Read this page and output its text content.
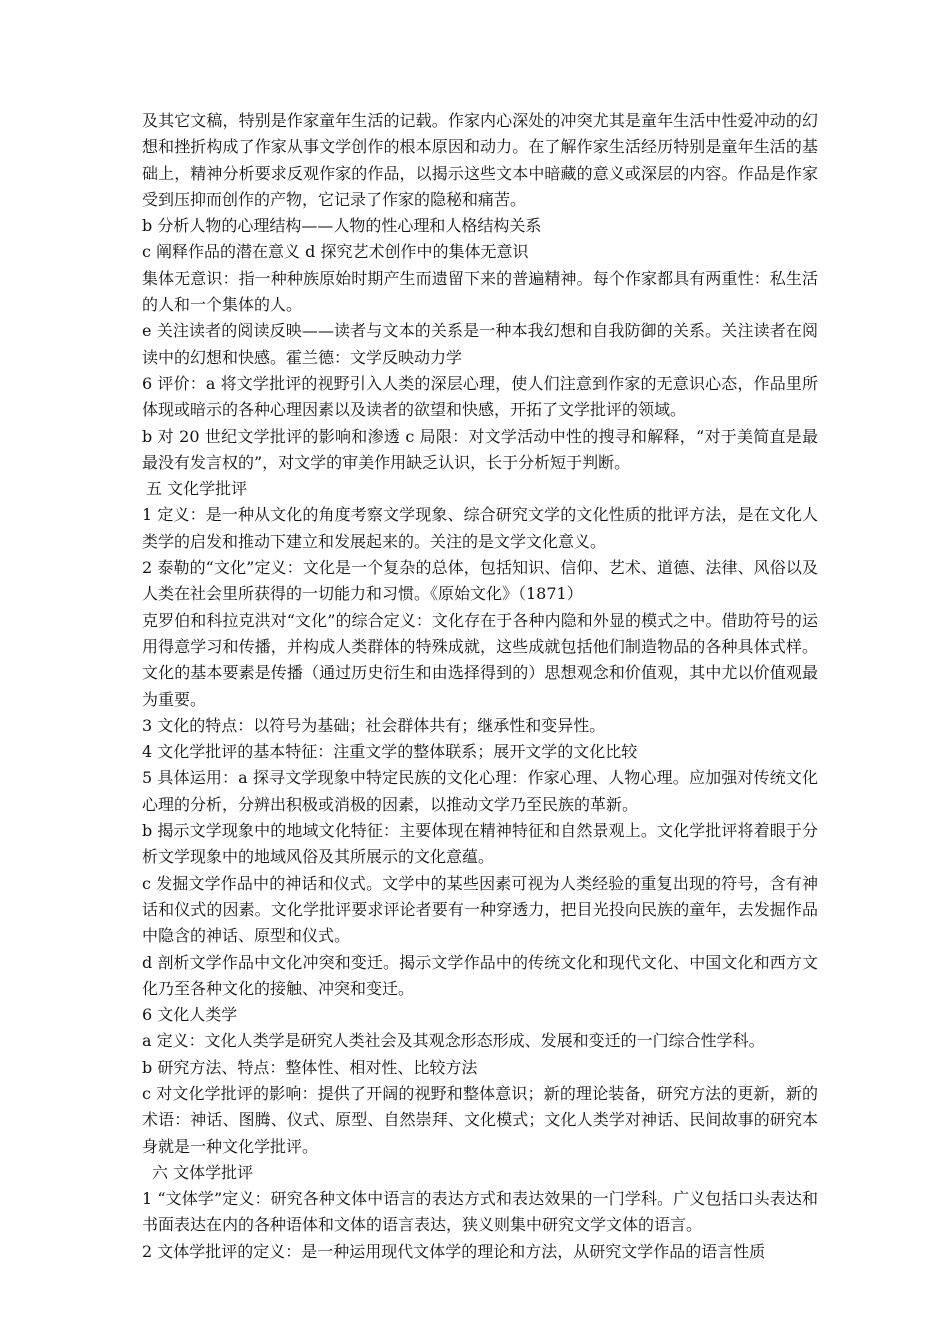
及其它文稿，特别是作家童年生活的记载。作家内心深处的冲突尤其是童年生活中性爱冲动的幻想和挫折构成了作家从事文学创作的根本原因和动力。在了解作家生活经历特别是童年生活的基础上，精神分析要求反观作家的作品，以揭示这些文本中暗藏的意义或深层的内容。作品是作家受到压抑而创作的产物，它记录了作家的隐秘和痛苦。

b 分析人物的心理结构——人物的性心理和人格结构关系

c 阐释作品的潜在意义 d 探究艺术创作中的集体无意识

集体无意识：指一种种族原始时期产生而遗留下来的普遍精神。每个作家都具有两重性：私生活的人和一个集体的人。

e 关注读者的阅读反映——读者与文本的关系是一种本我幻想和自我防御的关系。关注读者在阅读中的幻想和快感。霍兰德：文学反映动力学

6 评价：a 将文学批评的视野引入人类的深层心理，使人们注意到作家的无意识心态，作品里所体现或暗示的各种心理因素以及读者的欲望和快感，开拓了文学批评的领域。

b 对 20 世纪文学批评的影响和渗透 c 局限：对文学活动中性的搜寻和解释，“对于美简直是最最没有发言权的”，对文学的审美作用缺乏认识，长于分析短于判断。

五 文化学批评

1 定义：是一种从文化的角度考察文学现象、综合研究文学的文化性质的批评方法，是在文化人类学的启发和推动下建立和发展起来的。关注的是文学文化意义。

2 泰勒的“文化”定义：文化是一个复杂的总体，包括知识、信仰、艺术、道德、法律、风俗以及人类在社会里所获得的一切能力和习惯。《原始文化》（1871）

克罗伯和科拉克洪对“文化”的综合定义：文化存在于各种内隐和外显的模式之中。借助符号的运用得意学习和传播，并构成人类群体的特殊成就，这些成就包括他们制造物品的各种具体式样。文化的基本要素是传播（通过历史衍生和由选择得到的）思想观念和价值观，其中尤以价值观最为重要。

3 文化的特点：以符号为基础；社会群体共有；继承性和变异性。

4 文化学批评的基本特征：注重文学的整体联系；展开文学的文化比较

5 具体运用：a 探寻文学现象中特定民族的文化心理：作家心理、人物心理。应加强对传统文化心理的分析，分辨出积极或消极的因素，以推动文学乃至民族的革新。

b 揭示文学现象中的地域文化特征：主要体现在精神特征和自然景观上。文化学批评将着眼于分析文学现象中的地域风俗及其所展示的文化意蕴。

c 发掘文学作品中的神话和仪式。文学中的某些因素可视为人类经验的重复出现的符号，含有神话和仪式的因素。文化学批评要求评论者要有一种穿透力，把目光投向民族的童年，去发掘作品中隐含的神话、原型和仪式。

d 剖析文学作品中文化冲突和变迁。揭示文学作品中的传统文化和现代文化、中国文化和西方文化乃至各种文化的接触、冲突和变迁。

6 文化人类学

a 定义：文化人类学是研究人类社会及其观念形态形成、发展和变迁的一门综合性学科。

b 研究方法、特点：整体性、相对性、比较方法

c 对文化学批评的影响：提供了开阔的视野和整体意识；新的理论装备，研究方法的更新，新的术语：神话、图腾、仪式、原型、自然崇拜、文化模式；文化人类学对神话、民间故事的研究本身就是一种文化学批评。

六 文体学批评

1 “文体学”定义：研究各种文体中语言的表达方式和表达效果的一门学科。广义包括口头表达和书面表达在内的各种语体和文体的语言表达，狭义则集中研究文学文体的语言。

2 文体学批评的定义：是一种运用现代文体学的理论和方法，从研究文学作品的语言性质
